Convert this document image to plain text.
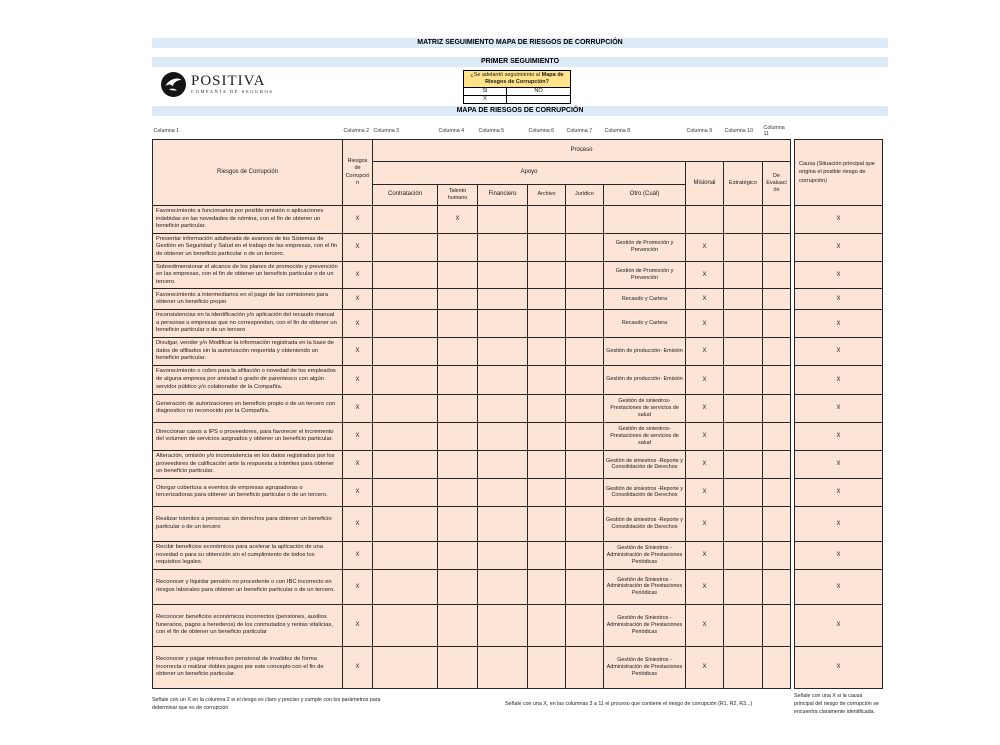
MATRIZ SEGUIMIENTO MAPA DE RIESGOS DE CORRUPCIÓN
PRIMER SEGUIMIENTO
POSITIVA
COMPAÑÍA DE SEGUROS
¿Se adelantó seguimiento al Mapa de Riesgos de Corrupción?	
SI	NO
X	
MAPA DE RIESGOS DE CORRUPCIÓN
Columna 1	Columna 2	Columna 3	Columna 4	Columna 5	Columna 6	Columna 7	Columna 8	Columna 9	Columna 10	Columna 11		
Riesgos de Corrupción	Riesgos de Corrupción	Proceso										Causa (Situación principal que origina el posible riesgo de corrupción)
		Apoyo						Misional	Estratégico	De Evaluación		
		Contratación	Talento humano	Financiero	Archivo	Jurídico	Otro (Cuál)					
Favorecimiento a funcionarios por posible omisión o aplicaciones indebidas en las novedades de nómina, con el fin de obtener un beneficio particular.	X		X									X
Presentar información adulterada de avances de los Sistemas de Gestión en Seguridad y Salud en el trabajo de las empresas, con el fin de obtener un beneficio particular o de un tercero.	X						Gestión de Promoción y Prevención	X				X
Sobredimensionar el alcance de los planes de promoción y prevención en las empresas, con el fin de obtener un beneficio particular o de un tercero.	X						Gestión de Promoción y Prevención	X				X
Favorecimiento a intermediarios en el pago de las comisiones para obtener un beneficio propio	X						Recaudo y Cartera	X				X
Inconsistencias en la identificación y/o aplicación del recaudo manual a personas u empresas que no correspondan, con el fin de obtener un beneficio particular o de un tercero	X						Recaudo y Cartera	X				X
Divulgar, vender y/o Modificar la información registrada en la base de datos de afiliados sin la autorización requerida y obteniendo un beneficio particular.	X						Gestión de producción- Emisión	X				X
Favorecimiento o cobro para la afiliación o novedad de los empleados de alguna empresa por amistad o grado de parentesco con algún servidor público y/o colaborador de la Compañía.	X						Gestión de producción- Emisión	X				X
Generación de autorizaciones en beneficio propio o de un tercero con diagnostico no reconocido por la Compañía.	X						Gestión de siniestros- Prestaciones de servicios de salud	X				X
Direccionar casos a IPS o proveedores, para favorecer el incremento del volumen de servicios asignados y obtener un beneficio particular.	X						Gestión de siniestros- Prestaciones de servicios de salud	X				X
Alteración, omisión y/o inconsistencia en los datos registrados por los proveedores de calificación ante la respuesta a trámites para obtener un beneficio particular.	X						Gestión de siniestros -Reporte y Consolidación de Derechos	X				X
Otorgar cobertura a eventos de empresas agrupadoras o tercerizadoras para obtener un beneficio particular o de un tercero.	X						Gestión de siniestros -Reporte y Consolidación de Derechos	X				X
Realizar trámites a personas sin derechos para obtener un beneficio particular o de un tercero	X						Gestión de siniestros -Reporte y Consolidación de Derechos	X				X
Recibir beneficios económicos para acelerar la aplicación de una novedad o para su obtención sin el cumplimiento de todos los requisitos legales.	X						Gestión de Siniestros - Administración de Prestaciones Periódicas	X				X
Reconocer y liquidar pensión no procedente o con IBC incorrecto en riesgos laborales para obtener un beneficio particular o de un tercero.	X						Gestión de Siniestros - Administración de Prestaciones Periódicas	X				X
Reconocer beneficios económicos incorrectos (pensiones, auxilios funerarios, pagos a herederos) de los conmutados y rentas vitalicias, con el fin de obtener un beneficio particular	X						Gestión de Siniestros - Administración de Prestaciones Periódicas	X				X
Reconocer y pagar retroactivo pensional de invalidez de forma incorrecta o realizar dobles pagos por este concepto con el fin de obtener un beneficio particular.	X						Gestión de Siniestros - Administración de Prestaciones Periódicas	X				X
Señale con un X en la columna 2 si el riesgo es claro y preciso y cumple con los parámetros para determinar que es de corrupción
Señale con una X, en las columnas 3 a 11 el proceso que contiene el riesgo de corrupción (R1, R2, R3...)
Señale con una X si la causa principal del riesgo de corrupción se encuentra claramente identificada.
